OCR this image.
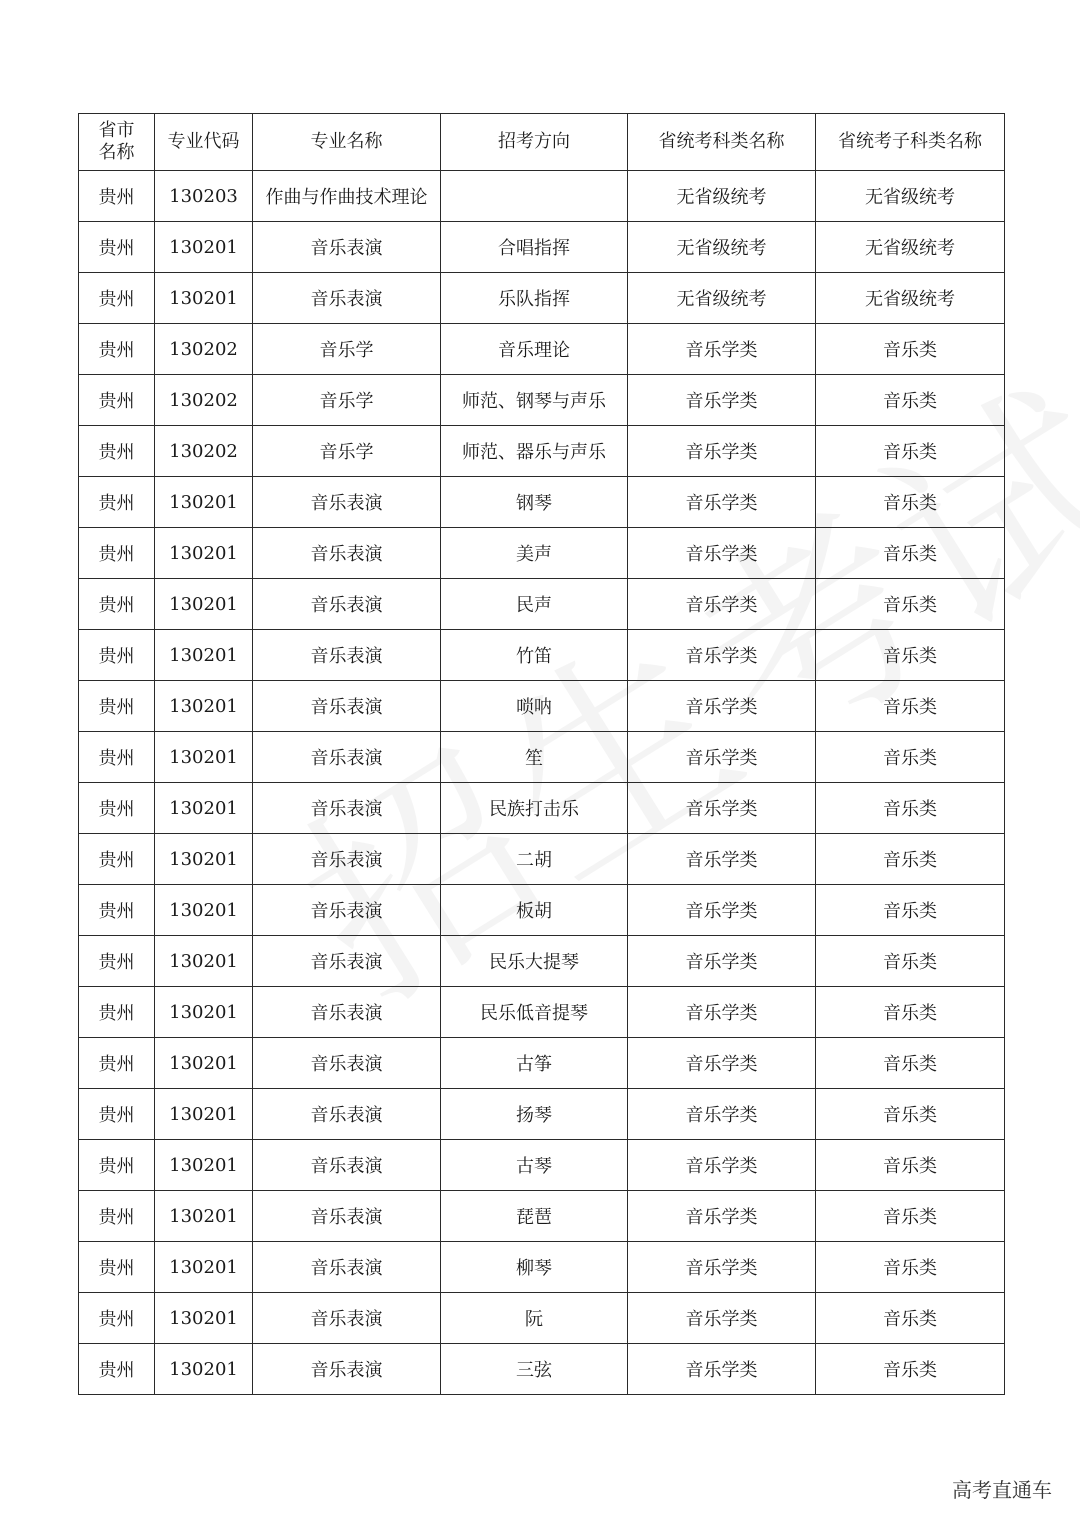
省市
名称	专业代码	专业名称	招考方向	省统考科类名称	省统考子科类名称
贵州	130203	作曲与作曲技术理论		无省级统考	无省级统考
贵州	130201	音乐表演	合唱指挥	无省级统考	无省级统考
贵州	130201	音乐表演	乐队指挥	无省级统考	无省级统考
贵州	130202	音乐学	音乐理论	音乐学类	音乐类
贵州	130202	音乐学	师范、钢琴与声乐	音乐学类	音乐类
贵州	130202	音乐学	师范、器乐与声乐	音乐学类	音乐类
贵州	130201	音乐表演	钢琴	音乐学类	音乐类
贵州	130201	音乐表演	美声	音乐学类	音乐类
贵州	130201	音乐表演	民声	音乐学类	音乐类
贵州	130201	音乐表演	竹笛	音乐学类	音乐类
贵州	130201	音乐表演	唢呐	音乐学类	音乐类
贵州	130201	音乐表演	笙	音乐学类	音乐类
贵州	130201	音乐表演	民族打击乐	音乐学类	音乐类
贵州	130201	音乐表演	二胡	音乐学类	音乐类
贵州	130201	音乐表演	板胡	音乐学类	音乐类
贵州	130201	音乐表演	民乐大提琴	音乐学类	音乐类
贵州	130201	音乐表演	民乐低音提琴	音乐学类	音乐类
贵州	130201	音乐表演	古筝	音乐学类	音乐类
贵州	130201	音乐表演	扬琴	音乐学类	音乐类
贵州	130201	音乐表演	古琴	音乐学类	音乐类
贵州	130201	音乐表演	琵琶	音乐学类	音乐类
贵州	130201	音乐表演	柳琴	音乐学类	音乐类
贵州	130201	音乐表演	阮	音乐学类	音乐类
贵州	130201	音乐表演	三弦	音乐学类	音乐类
高考直通车
